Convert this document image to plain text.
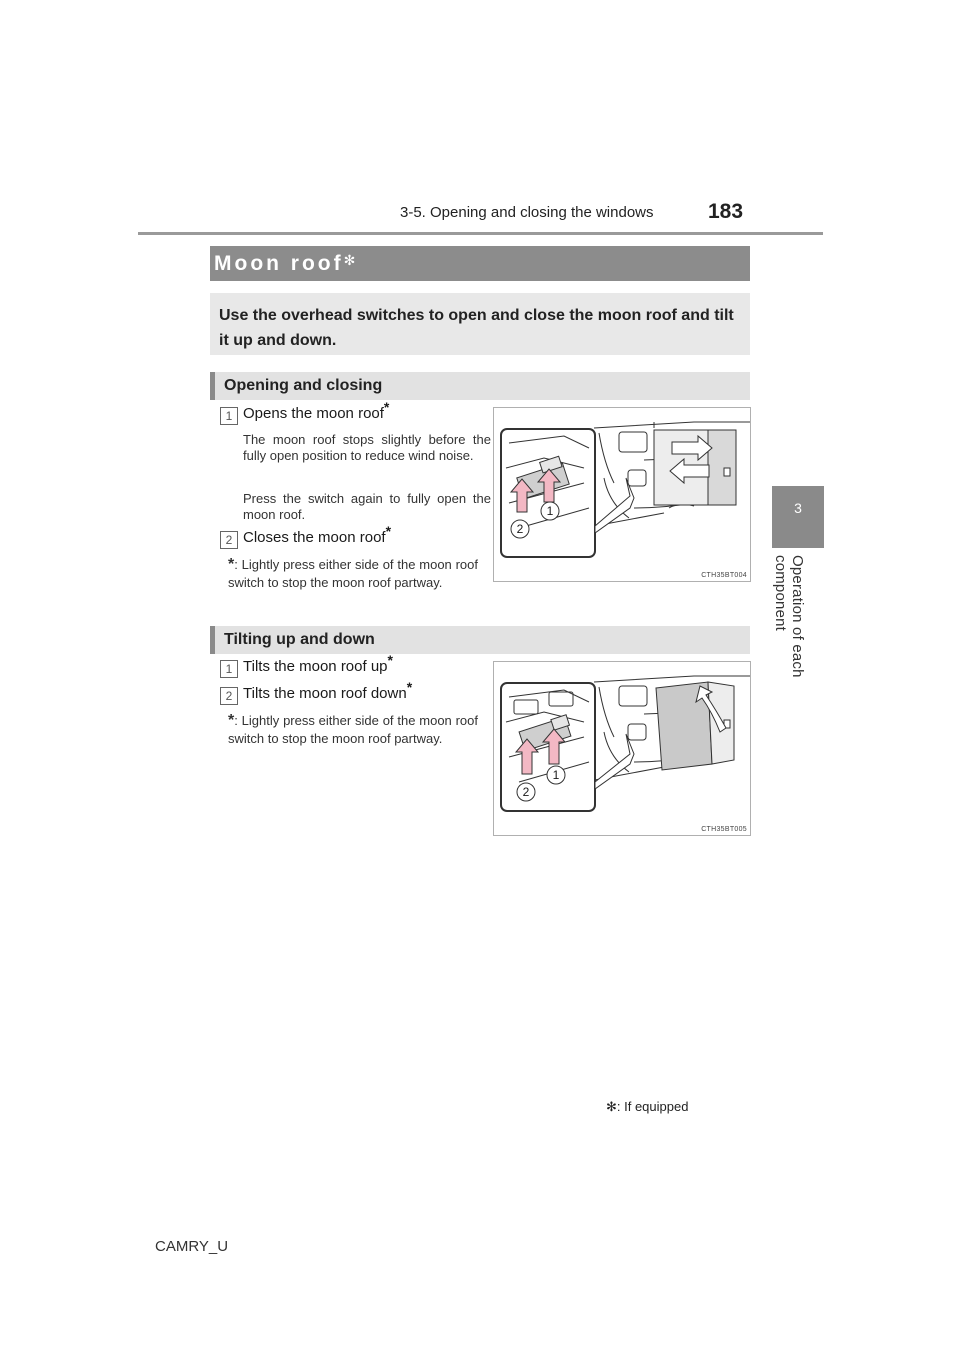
3-5. Opening and closing the windows	183
3
Operation of each component
Moon roof✻
Use the overhead switches to open and close the moon roof and tilt it up and down.
Opening and closing
1 Opens the moon roof*
The moon roof stops slightly before the fully open position to reduce wind noise.
Press the switch again to fully open the moon roof.
2 Closes the moon roof*
*: Lightly press either side of the moon roof switch to stop the moon roof partway.
1
2
CTH35BT004
Tilting up and down
1 Tilts the moon roof up*
2 Tilts the moon roof down*
*: Lightly press either side of the moon roof switch to stop the moon roof partway.
1
2
CTH35BT005
✻: If equipped
CAMRY_U
